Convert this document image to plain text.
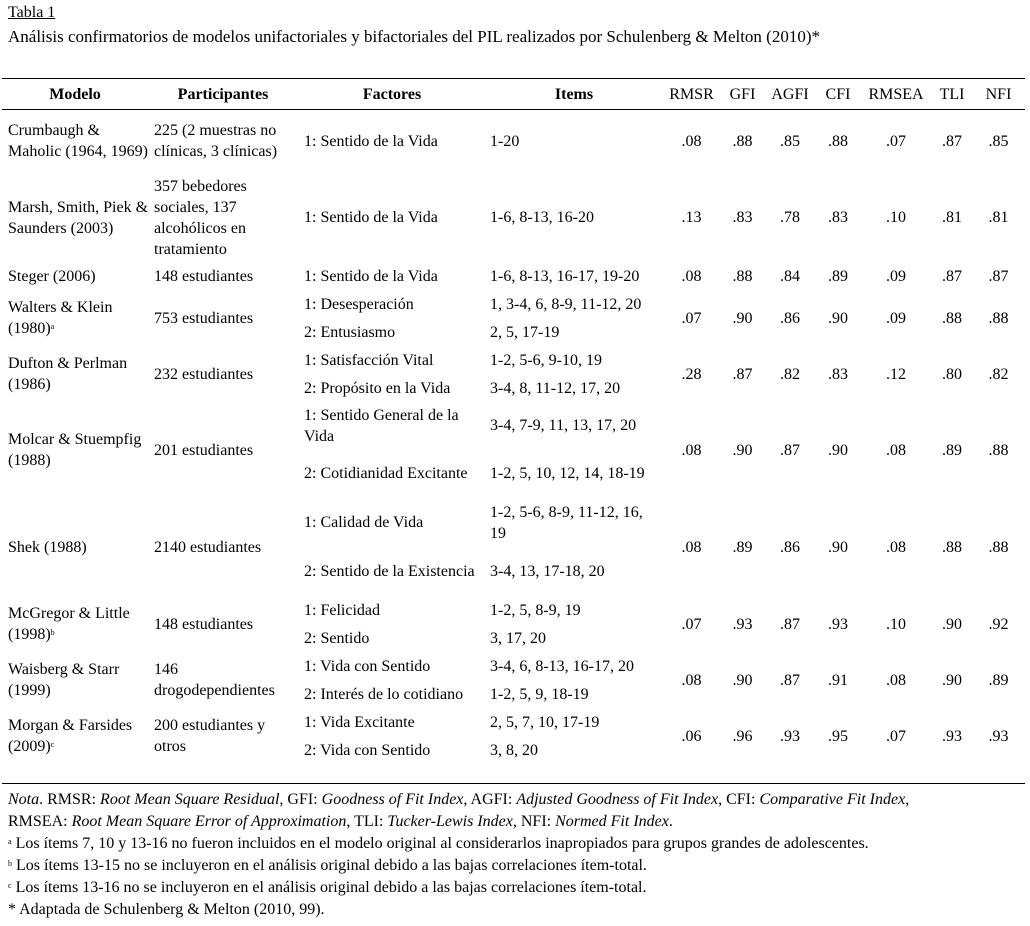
Tabla 1
Análisis confirmatorios de modelos unifactoriales y bifactoriales del PIL realizados por Schulenberg & Melton (2010)*
Modelo	Participantes	Factores	Items	RMSR	GFI	AGFI	CFI	RMSEA	TLI	NFI
Crumbaugh & Maholic (1964, 1969)	225 (2 muestras no clínicas, 3 clínicas)	1: Sentido de la Vida	1-20	.08	.88	.85	.88	.07	.87	.85
Marsh, Smith, Piek & Saunders (2003)	357 bebedores sociales, 137 alcohólicos en tratamiento	1: Sentido de la Vida	1-6, 8-13, 16-20	.13	.83	.78	.83	.10	.81	.81
Steger (2006)	148 estudiantes	1: Sentido de la Vida	1-6, 8-13, 16-17, 19-20	.08	.88	.84	.89	.09	.87	.87
Walters & Klein $(1980)^a$	753 estudiantes	1: Desesperación	1, 3-4, 6, 8-9, 11-12, 20	.07	.90	.86	.90	.09	.88	.88
		2: Entusiasmo	2, 5, 17-19							
Dufton & Perlman (1986)	232 estudiantes	1: Satisfacción Vital	1-2, 5-6, 9-10, 19	.28	.87	.82	.83	.12	.80	.82
		2: Propósito en la Vida	3-4, 8, 11-12, 17, 20							
Molcar & Stuempfig (1988)	201 estudiantes	1: Sentido General de la Vida	3-4, 7-9, 11, 13, 17, 20	.08	.90	.87	.90	.08	.89	.88
		2: Cotidianidad Excitante	1-2, 5, 10, 12, 14, 18-19							
Shek (1988)	2140 estudiantes	1: Calidad de Vida	1-2, 5-6, 8-9, 11-12, 16, 19	.08	.89	.86	.90	.08	.88	.88
		2: Sentido de la Existencia	3-4, 13, 17-18, 20							
McGregor & Little $(1998)^b$	148 estudiantes	1: Felicidad	1-2, 5, 8-9, 19	.07	.93	.87	.93	.10	.90	.92
		2: Sentido	3, 17, 20							
Waisberg & Starr (1999)	146 drogodependientes	1: Vida con Sentido	3-4, 6, 8-13, 16-17, 20	.08	.90	.87	.91	.08	.90	.89
		2: Interés de lo cotidiano	1-2, 5, 9, 18-19							
Morgan & Farsides $(2009)^c$	200 estudiantes y otros	1: Vida Excitante	2, 5, 7, 10, 17-19	.06	.96	.93	.95	.07	.93	.93
		2: Vida con Sentido	3, 8, 20							
Nota. RMSR: Root Mean Square Residual, GFI: Goodness of Fit Index, AGFI: Adjusted Goodness of Fit Index, CFI: Comparative Fit Index,
RMSEA: Root Mean Square Error of Approximation, TLI: Tucker-Lewis Index, NFI: Normed Fit Index.
$^a$ Los ítems 7, 10 y 13-16 no fueron incluidos en el modelo original al considerarlos inapropiados para grupos grandes de adolescentes.
$^b$ Los ítems 13-15 no se incluyeron en el análisis original debido a las bajas correlaciones ítem-total.
$^c$ Los ítems 13-16 no se incluyeron en el análisis original debido a las bajas correlaciones ítem-total.
* Adaptada de Schulenberg & Melton (2010, 99).
